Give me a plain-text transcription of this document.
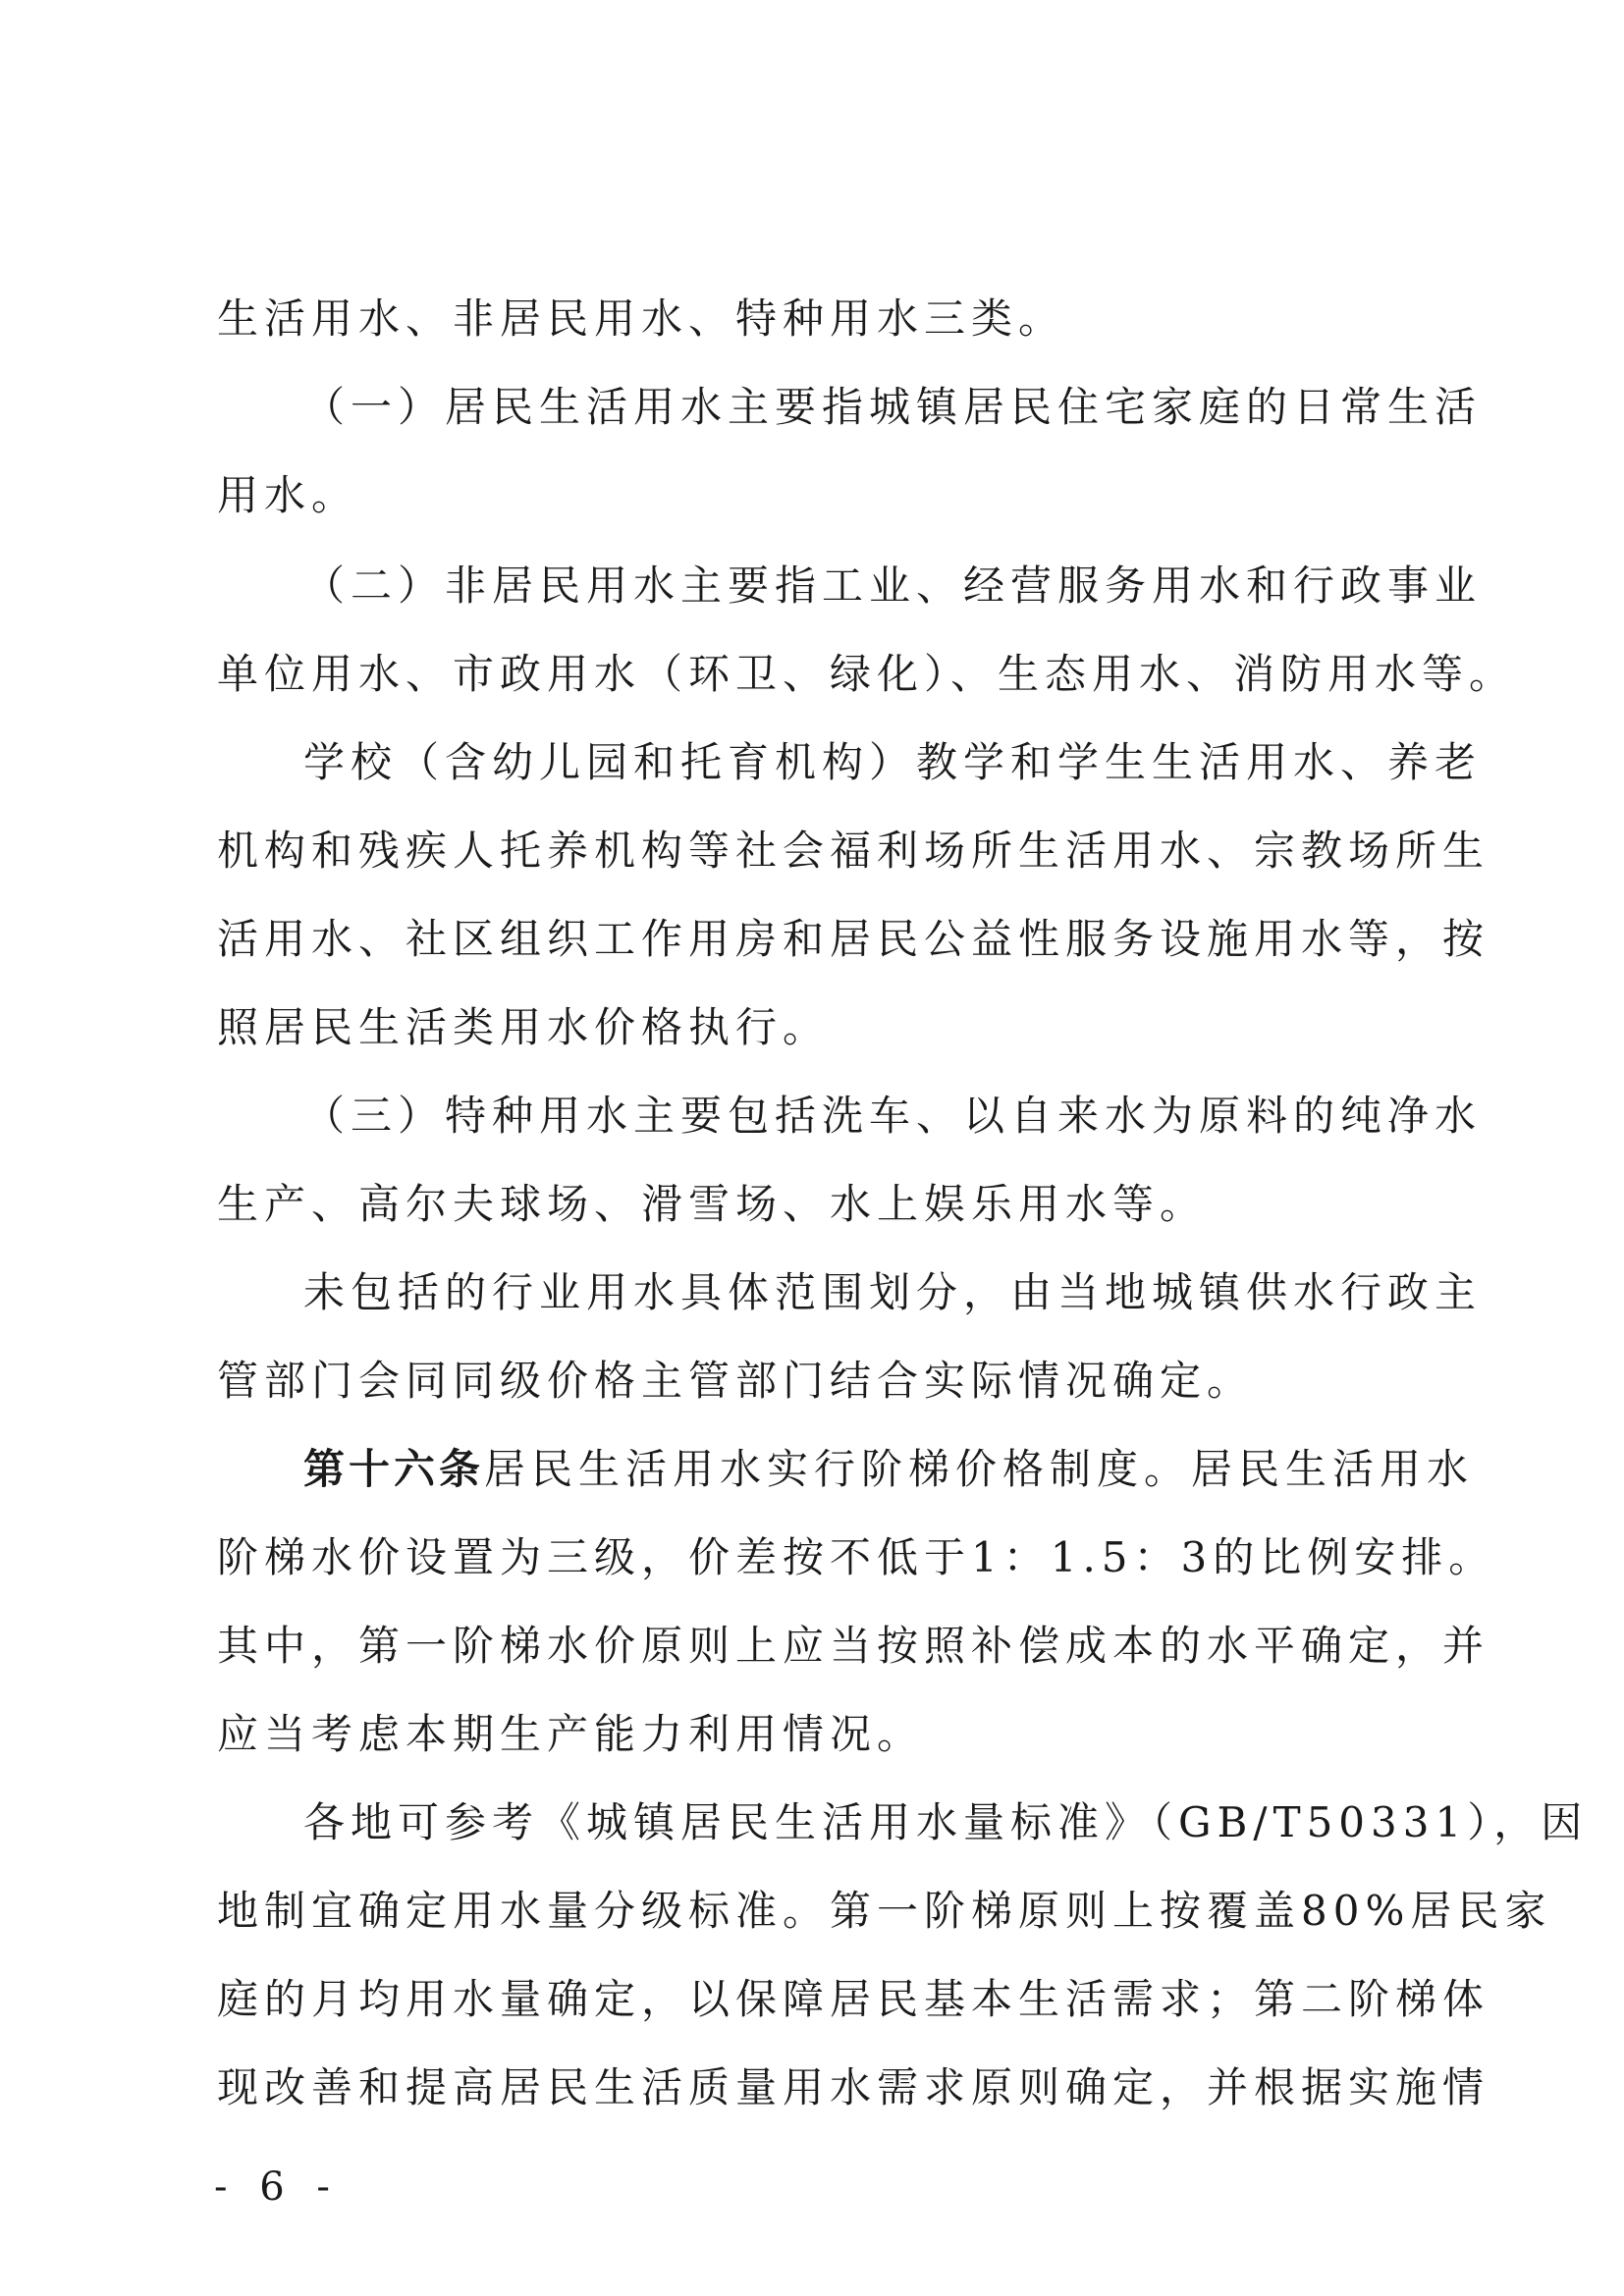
生活用水、非居民用水、特种用水三类。
（一）居民生活用水主要指城镇居民住宅家庭的日常生活
用水。
（二）非居民用水主要指工业、经营服务用水和行政事业
单位用水、市政用水（环卫、绿化）、生态用水、消防用水等。
学校（含幼儿园和托育机构）教学和学生生活用水、养老
机构和残疾人托养机构等社会福利场所生活用水、宗教场所生
活用水、社区组织工作用房和居民公益性服务设施用水等，按
照居民生活类用水价格执行。
（三）特种用水主要包括洗车、以自来水为原料的纯净水
生产、高尔夫球场、滑雪场、水上娱乐用水等。
未包括的行业用水具体范围划分，由当地城镇供水行政主
管部门会同同级价格主管部门结合实际情况确定。
第十六条居民生活用水实行阶梯价格制度。居民生活用水
阶梯水价设置为三级，价差按不低于1：1.5：3的比例安排。
其中，第一阶梯水价原则上应当按照补偿成本的水平确定，并
应当考虑本期生产能力利用情况。
各地可参考《城镇居民生活用水量标准》（GB/T50331），因
地制宜确定用水量分级标准。第一阶梯原则上按覆盖80%居民家
庭的月均用水量确定，以保障居民基本生活需求；第二阶梯体
现改善和提高居民生活质量用水需求原则确定，并根据实施情
- 6 -
